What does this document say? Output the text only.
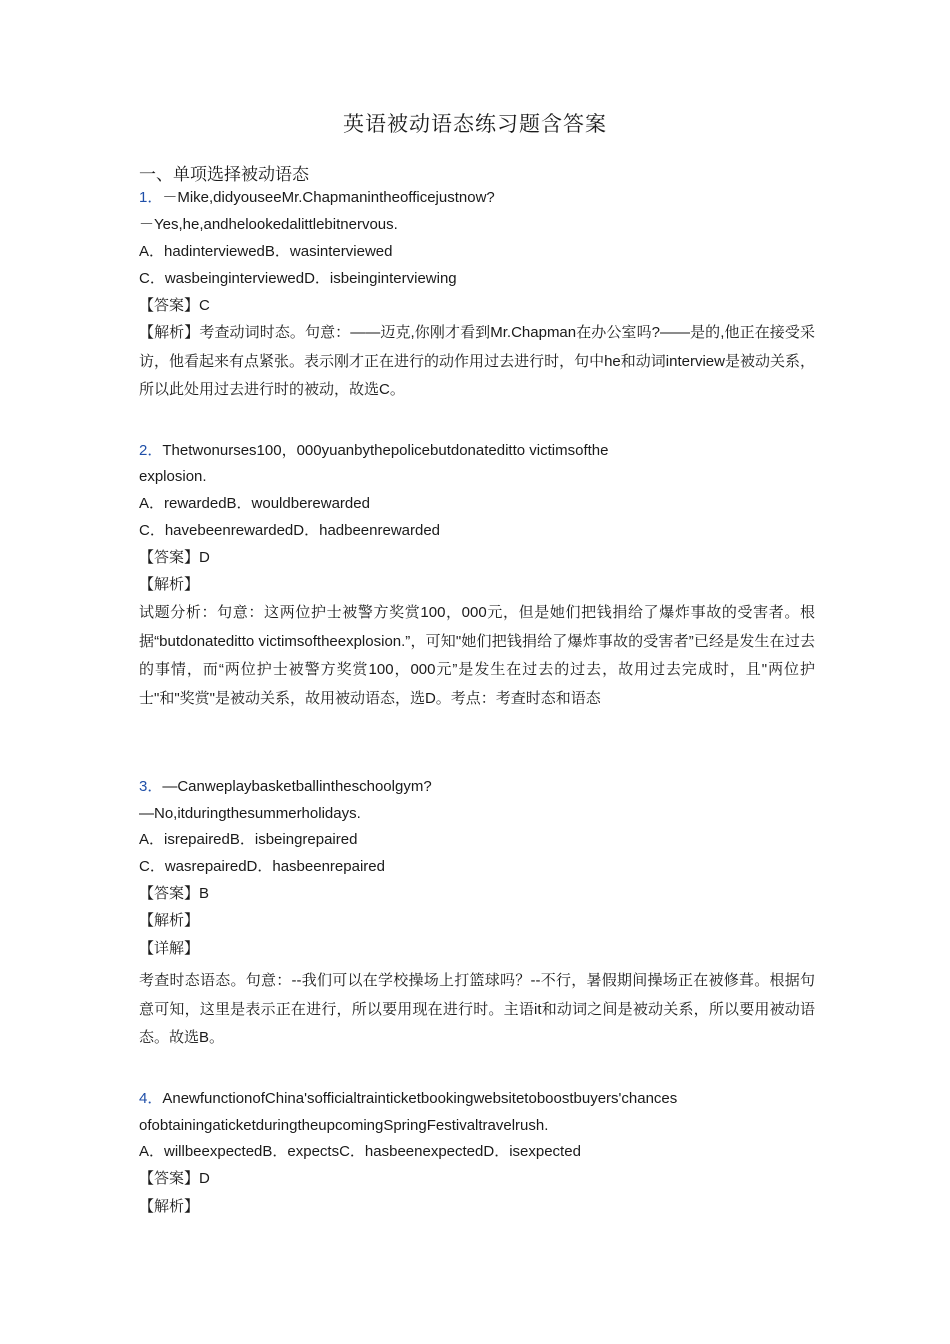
英语被动语态练习题含答案
一、单项选择被动语态
1．－Mike,didyouseeMr.Chapmanintheofficejustnow?
－Yes,he,andhelookedalittlebitnervous.
A．hadinterviewedB．wasinterviewed
C．wasbeinginterviewedD．isbeinginterviewing
【答案】C
【解析】考查动词时态。句意：——迈克,你刚才看到Mr.Chapman在办公室吗?——是的,他正在接受采访，他看起来有点紧张。表示刚才正在进行的动作用过去进行时，句中he和动词interview是被动关系，所以此处用过去进行时的被动，故选C。
2．Thetwonurses100，000yuanbythepolicebutdonateditto victimsofthe
explosion.
A．rewardedB．wouldberewarded
C．havebeenrewardedD．hadbeenrewarded
【答案】D
【解析】
试题分析：句意：这两位护士被警方奖赏100，000元，但是她们把钱捐给了爆炸事故的受害者。根据“butdonateditto victimsoftheexplosion.”，可知"她们把钱捐给了爆炸事故的受害者”已经是发生在过去的事情，而“两位护士被警方奖赏100，000元”是发生在过去的过去，故用过去完成时，且"两位护士"和"奖赏"是被动关系，故用被动语态，选D。考点：考查时态和语态
3．—Canweplaybasketballintheschoolgym?
—No,itduringthesummerholidays.
A．isrepairedB．isbeingrepaired
C．wasrepairedD．hasbeenrepaired
【答案】B
【解析】
【详解】
考查时态语态。句意：--我们可以在学校操场上打篮球吗？--不行，暑假期间操场正在被修葺。根据句意可知，这里是表示正在进行，所以要用现在进行时。主语it和动词之间是被动关系，所以要用被动语态。故选B。
4．AnewfunctionofChina'sofficialtrainticketbookingwebsitetoboostbuyers'chances
ofobtainingaticketduringtheupcomingSpringFestivaltravelrush.
A．willbeexpectedB．expectsC．hasbeenexpectedD．isexpected
【答案】D
【解析】
